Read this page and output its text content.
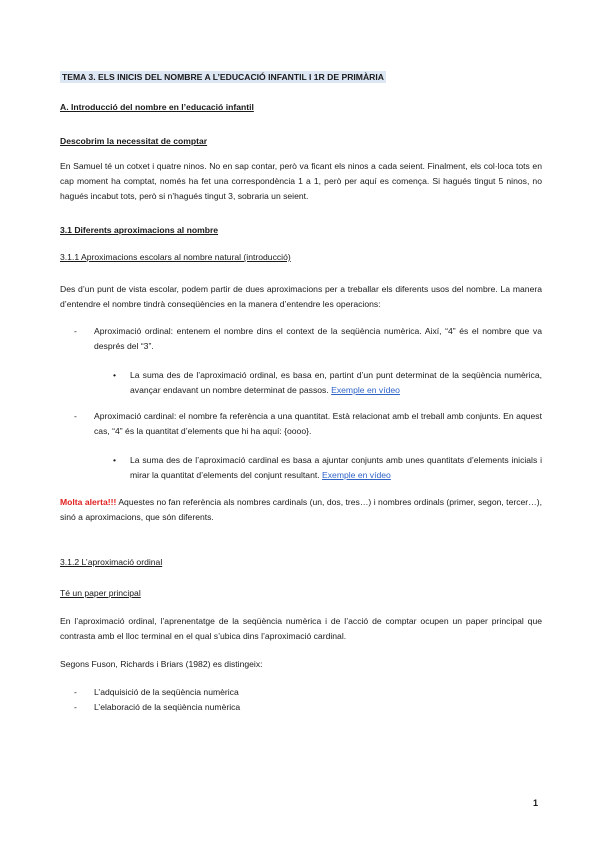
TEMA 3. ELS INICIS DEL NOMBRE A L’EDUCACIÓ INFANTIL I 1R DE PRIMÀRIA
A. Introducció del nombre en l’educació infantil
Descobrim la necessitat de comptar
En Samuel té un cotxet i quatre ninos. No en sap contar, però va ficant els ninos a cada seient. Finalment, els col·loca tots en cap moment ha comptat, només ha fet una correspondència 1 a 1, però per aquí es comença. Si hagués tingut 5 ninos, no hagués incabut tots, però si n’hagués tingut 3, sobraria un seient.
3.1 Diferents aproximacions al nombre
3.1.1 Aproximacions escolars al nombre natural (introducció)
Des d’un punt de vista escolar, podem partir de dues aproximacions per a treballar els diferents usos del nombre. La manera d’entendre el nombre tindrà conseqüències en la manera d’entendre les operacions:
- Aproximació ordinal: entenem el nombre dins el context de la seqüència numèrica. Així, “4” és el nombre que va després del “3”.
• La suma des de l’aproximació ordinal, es basa en, partint d’un punt determinat de la seqüència numèrica, avançar endavant un nombre determinat de passos. Exemple en vídeo
- Aproximació cardinal: el nombre fa referència a una quantitat. Està relacionat amb el treball amb conjunts. En aquest cas, “4” és la quantitat d’elements que hi ha aquí: {oooo}.
• La suma des de l’aproximació cardinal es basa a ajuntar conjunts amb unes quantitats d’elements inicials i mirar la quantitat d’elements del conjunt resultant. Exemple en vídeo
Molta alerta!!! Aquestes no fan referència als nombres cardinals (un, dos, tres…) i nombres ordinals (primer, segon, tercer…), sinó a aproximacions, que són diferents.
3.1.2 L’aproximació ordinal
Té un paper principal
En l’aproximació ordinal, l’aprenentatge de la seqüència numèrica i de l’acció de comptar ocupen un paper principal que contrasta amb el lloc terminal en el qual s’ubica dins l’aproximació cardinal.
Segons Fuson, Richards i Briars (1982) es distingeix:
- L’adquisició de la seqüència numèrica
- L’elaboració de la seqüència numèrica
1
